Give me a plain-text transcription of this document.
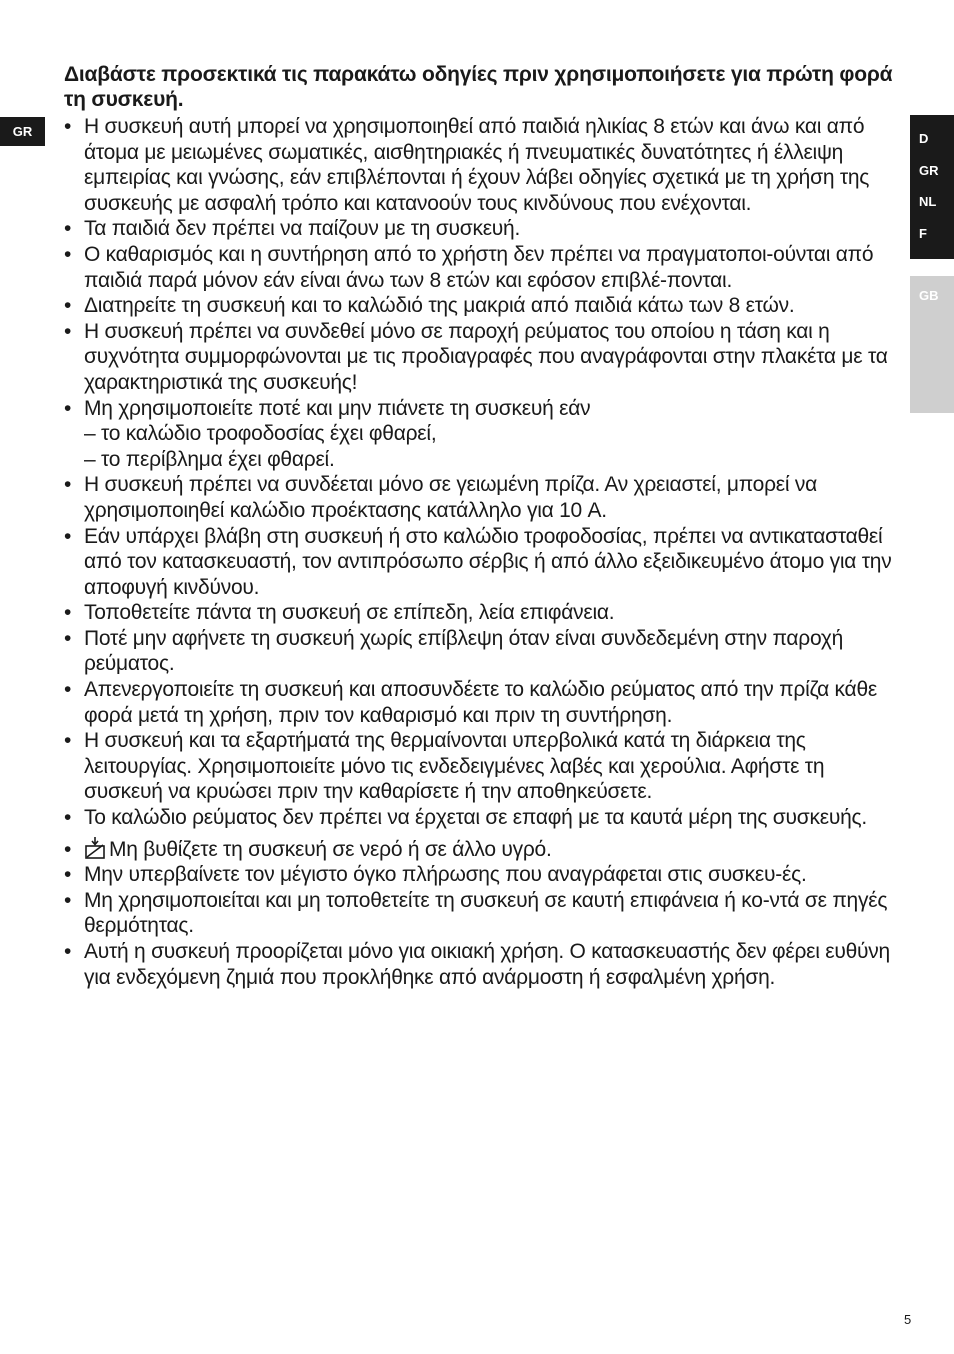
GR	D
GR
NL
F
GB

Διαβάστε προσεκτικά τις παρακάτω οδηγίες πριν χρησιμοποιήσετε για πρώτη φορά τη συσκευή.

• Η συσκευή αυτή μπορεί να χρησιμοποιηθεί από παιδιά ηλικίας 8 ετών και άνω και από άτομα με μειωμένες σωματικές, αισθητηριακές ή πνευματικές δυνατότητες ή έλλειψη εμπειρίας και γνώσης, εάν επιβλέπονται ή έχουν λάβει οδηγίες σχετικά με τη χρήση της συσκευής με ασφαλή τρόπο και κατανοούν τους κινδύνους που ενέχονται.
• Τα παιδιά δεν πρέπει να παίζουν με τη συσκευή.
• Ο καθαρισμός και η συντήρηση από το χρήστη δεν πρέπει να πραγματοποι-ούνται από παιδιά παρά μόνον εάν είναι άνω των 8 ετών και εφόσον επιβλέ-πονται.
• Διατηρείτε τη συσκευή και το καλώδιό της μακριά από παιδιά κάτω των 8 ετών.
• Η συσκευή πρέπει να συνδεθεί μόνο σε παροχή ρεύματος του οποίου η τάση και η συχνότητα συμμορφώνονται με τις προδιαγραφές που αναγράφονται στην πλακέτα με τα χαρακτηριστικά της συσκευής!
• Μη χρησιμοποιείτε ποτέ και μην πιάνετε τη συσκευή εάν
– το καλώδιο τροφοδοσίας έχει φθαρεί,
– το περίβλημα έχει φθαρεί.
• Η συσκευή πρέπει να συνδέεται μόνο σε γειωμένη πρίζα. Αν χρειαστεί, μπορεί να χρησιμοποιηθεί καλώδιο προέκτασης κατάλληλο για 10 A.
• Εάν υπάρχει βλάβη στη συσκευή ή στο καλώδιο τροφοδοσίας, πρέπει να αντικατασταθεί από τον κατασκευαστή, τον αντιπρόσωπο σέρβις ή από άλλο εξειδικευμένο άτομο για την αποφυγή κινδύνου.
• Τοποθετείτε πάντα τη συσκευή σε επίπεδη, λεία επιφάνεια.
• Ποτέ μην αφήνετε τη συσκευή χωρίς επίβλεψη όταν είναι συνδεδεμένη στην παροχή ρεύματος.
• Απενεργοποιείτε τη συσκευή και αποσυνδέετε το καλώδιο ρεύματος από την πρίζα κάθε φορά μετά τη χρήση, πριν τον καθαρισμό και πριν τη συντήρηση.
• Η συσκευή και τα εξαρτήματά της θερμαίνονται υπερβολικά κατά τη διάρκεια της λειτουργίας. Χρησιμοποιείτε μόνο τις ενδεδειγμένες λαβές και χερούλια. Αφήστε τη συσκευή να κρυώσει πριν την καθαρίσετε ή την αποθηκεύσετε.
• Το καλώδιο ρεύματος δεν πρέπει να έρχεται σε επαφή με τα καυτά μέρη της συσκευής.
• Μη βυθίζετε τη συσκευή σε νερό ή σε άλλο υγρό.
• Μην υπερβαίνετε τον μέγιστο όγκο πλήρωσης που αναγράφεται στις συσκευ-ές.
• Μη χρησιμοποιείται και μη τοποθετείτε τη συσκευή σε καυτή επιφάνεια ή κο-ντά σε πηγές θερμότητας.
• Αυτή η συσκευή προορίζεται μόνο για οικιακή χρήση. Ο κατασκευαστής δεν φέρει ευθύνη για ενδεχόμενη ζημιά που προκλήθηκε από ανάρμοστη ή εσφαλμένη χρήση.
5
